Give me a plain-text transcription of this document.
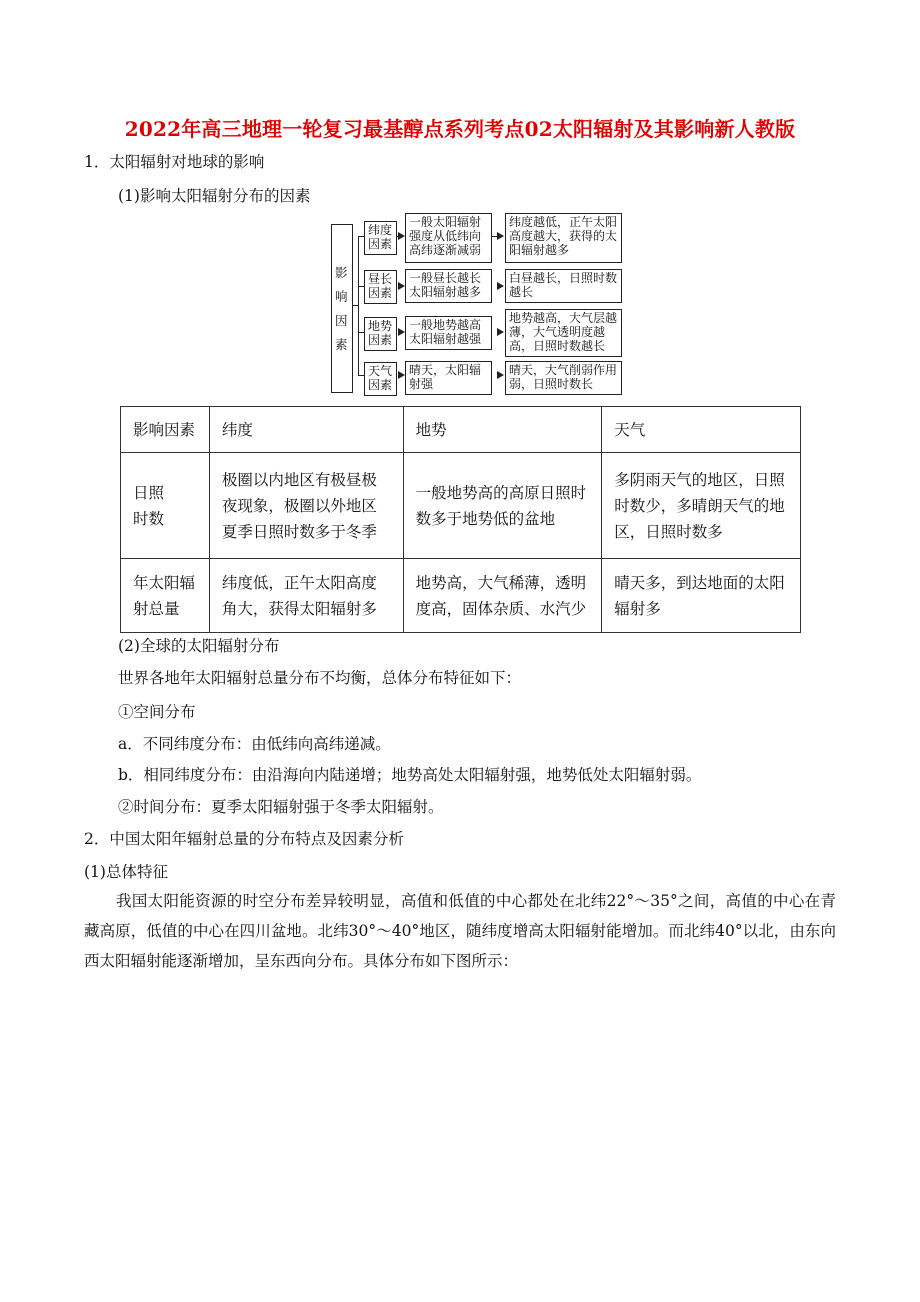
2022年高三地理一轮复习最基醇点系列考点02太阳辐射及其影响新人教版
1．太阳辐射对地球的影响
(1)影响太阳辐射分布的因素
影响因素
纬度因素
一般太阳辐射强度从低纬向高纬逐渐减弱
纬度越低，正午太阳高度越大，获得的太阳辐射越多
昼长因素
一般昼长越长太阳辐射越多
白昼越长，日照时数越长
地势因素
一般地势越高太阳辐射越强
地势越高，大气层越薄，大气透明度越高，日照时数越长
天气因素
晴天，太阳辐射强
晴天，大气削弱作用弱，日照时数长
影响因素	纬度	地势	天气
日照
时数	极圈以内地区有极昼极夜现象，极圈以外地区夏季日照时数多于冬季	一般地势高的高原日照时数多于地势低的盆地	多阴雨天气的地区，日照时数少，多晴朗天气的地区，日照时数多
年太阳辐射总量	纬度低，正午太阳高度角大，获得太阳辐射多	地势高，大气稀薄，透明度高，固体杂质、水汽少	晴天多，到达地面的太阳辐射多
(2)全球的太阳辐射分布
世界各地年太阳辐射总量分布不均衡，总体分布特征如下：
①空间分布
a．不同纬度分布：由低纬向高纬递减。
b．相同纬度分布：由沿海向内陆递增；地势高处太阳辐射强，地势低处太阳辐射弱。
②时间分布：夏季太阳辐射强于冬季太阳辐射。
2．中国太阳年辐射总量的分布特点及因素分析
(1)总体特征
我国太阳能资源的时空分布差异较明显，高值和低值的中心都处在北纬22°～35°之间，高值的中心在青藏高原，低值的中心在四川盆地。北纬30°～40°地区，随纬度增高太阳辐射能增加。而北纬40°以北，由东向西太阳辐射能逐渐增加，呈东西向分布。具体分布如下图所示：
